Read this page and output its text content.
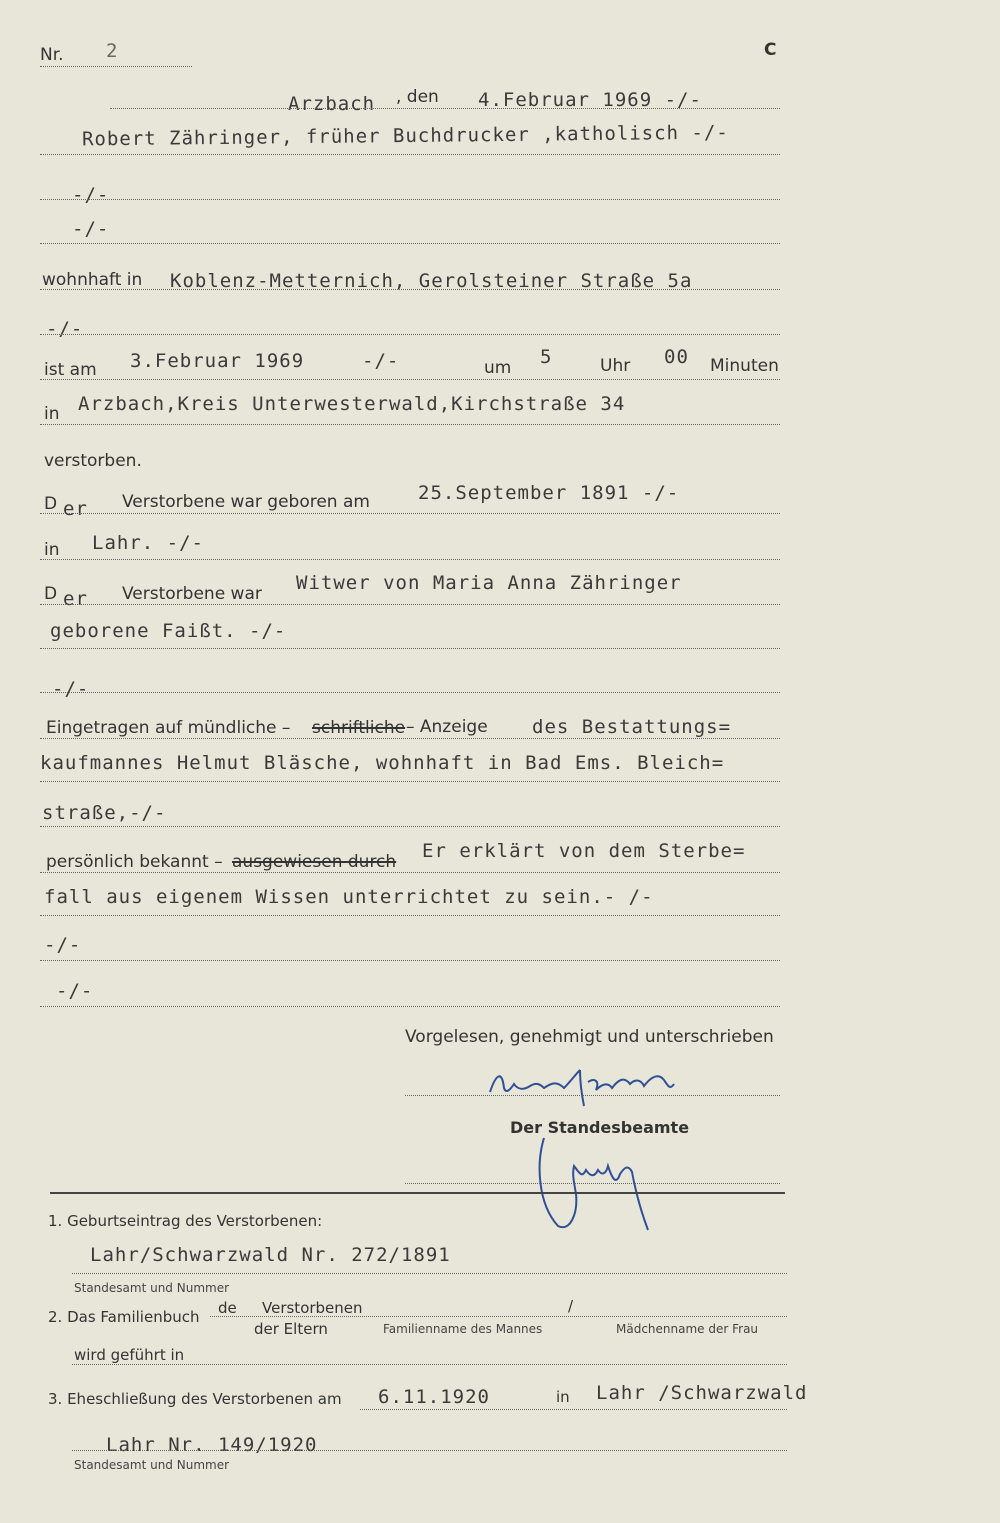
Nr. 2	C
Arzbach , den 4.Februar 1969 -/-
Robert Zähringer, früher Buchdrucker ,katholisch -/-
-/-
-/-
wohnhaft in Koblenz-Metternich, Gerolsteiner Straße 5a
-/-
ist am 3.Februar 1969	-/-	um 5	Uhr 00 Minuten
in Arzbach,Kreis Unterwesterwald,Kirchstraße 34
verstorben.
D er Verstorbene war geboren am	25.September 1891 -/-
in Lahr. -/-
D er Verstorbene war Witwer von Maria Anna Zähringer
geborene Faißt. -/-
-/-
Eingetragen auf mündliche – schriftliche – Anzeige des Bestattungs=
kaufmannes Helmut Bläsche, wohnhaft in Bad Ems. Bleich=
straße,-/-
persönlich bekannt – ausgewiesen durch Er erklärt von dem Sterbe=
fall aus eigenem Wissen unterrichtet zu sein.- /-
-/-
-/-
Vorgelesen, genehmigt und unterschrieben
Der Standesbeamte
1. Geburtseintrag des Verstorbenen:
Lahr/Schwarzwald Nr. 272/1891
Standesamt und Nummer
2. Das Familienbuch de Verstorbenen	/
der Eltern	Familienname des Mannes	Mädchenname der Frau
wird geführt in
3. Eheschließung des Verstorbenen am 6.11.1920	in Lahr /Schwarzwald
Lahr Nr. 149/1920
Standesamt und Nummer
